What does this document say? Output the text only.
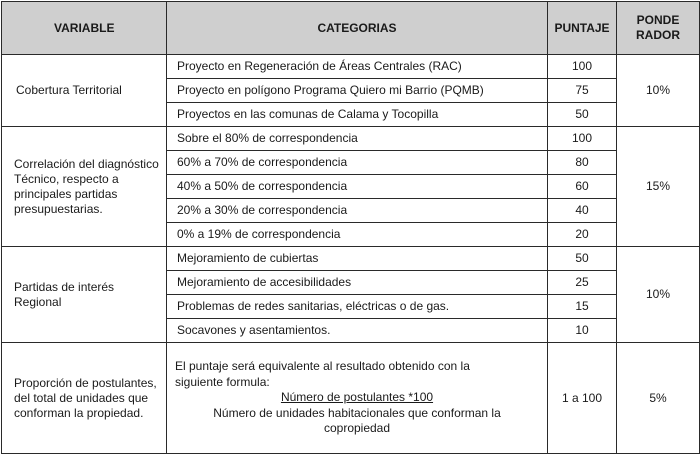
VARIABLE	CATEGORIAS	PUNTAJE	PONDE
RADOR
Cobertura Territorial	Proyecto en Regeneración de Áreas Centrales (RAC)	100	10%
	Proyecto en polígono Programa Quiero mi Barrio (PQMB)	75	
	Proyectos en las comunas de Calama y Tocopilla	50	
Correlación del diagnóstico Técnico, respecto a principales partidas presupuestarias.	Sobre el 80% de correspondencia	100	15%
	60% a 70% de correspondencia	80	
	40% a 50% de correspondencia	60	
	20% a 30% de correspondencia	40	
	0% a 19% de correspondencia	20	
Partidas de interés Regional	Mejoramiento de cubiertas	50	10%
	Mejoramiento de accesibilidades	25	
	Problemas de redes sanitarias, eléctricas o de gas.	15	
	Socavones y asentamientos.	10	
Proporción de postulantes, del total de unidades que conforman la propiedad.	El puntaje será equivalente al resultado obtenido con la
siguiente formula:
Número de postulantes *100
Número de unidades habitacionales que conforman la
copropiedad	1 a 100	5%
